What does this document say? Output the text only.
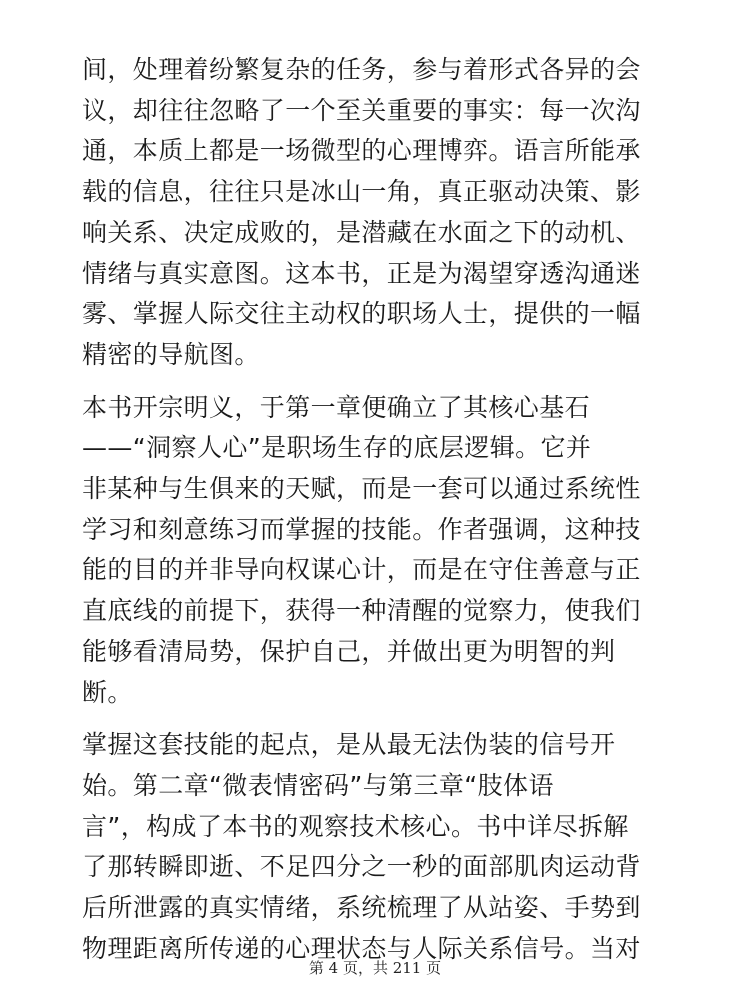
间，处理着纷繁复杂的任务，参与着形式各异的会
议，却往往忽略了一个至关重要的事实：每一次沟
通，本质上都是一场微型的心理博弈。语言所能承
载的信息，往往只是冰山一角，真正驱动决策、影
响关系、决定成败的，是潜藏在水面之下的动机、
情绪与真实意图。这本书，正是为渴望穿透沟通迷
雾、掌握人际交往主动权的职场人士，提供的一幅
精密的导航图。

本书开宗明义，于第一章便确立了其核心基石
——“洞察人心”是职场生存的底层逻辑。它并
非某种与生俱来的天赋，而是一套可以通过系统性
学习和刻意练习而掌握的技能。作者强调，这种技
能的目的并非导向权谋心计，而是在守住善意与正
直底线的前提下，获得一种清醒的觉察力，使我们
能够看清局势，保护自己，并做出更为明智的判
断。

掌握这套技能的起点，是从最无法伪装的信号开
始。第二章“微表情密码”与第三章“肢体语
言”，构成了本书的观察技术核心。书中详尽拆解
了那转瞬即逝、不足四分之一秒的面部肌肉运动背
后所泄露的真实情绪，系统梳理了从站姿、手势到
物理距离所传递的心理状态与人际关系信号。当对

第 4 页，共 211 页
